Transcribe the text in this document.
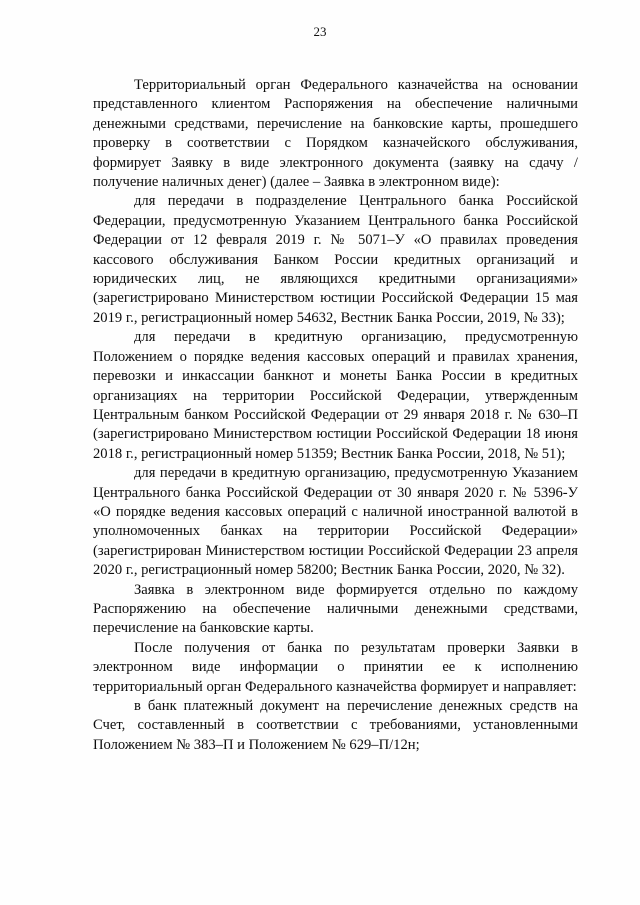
23

Территориальный орган Федерального казначейства на основании представленного клиентом Распоряжения на обеспечение наличными денежными средствами, перечисление на банковские карты, прошедшего проверку в соответствии с Порядком казначейского обслуживания, формирует Заявку в виде электронного документа (заявку на сдачу /получение наличных денег) (далее – Заявка в электронном виде):

для передачи в подразделение Центрального банка Российской Федерации, предусмотренную Указанием Центрального банка Российской Федерации от 12 февраля 2019 г. № 5071–У «О правилах проведения кассового обслуживания Банком России кредитных организаций и юридических лиц, не являющихся кредитными организациями» (зарегистрировано Министерством юстиции Российской Федерации 15 мая 2019 г., регистрационный номер 54632, Вестник Банка России, 2019, № 33);

для передачи в кредитную организацию, предусмотренную Положением о порядке ведения кассовых операций и правилах хранения, перевозки и инкассации банкнот и монеты Банка России в кредитных организациях на территории Российской Федерации, утвержденным Центральным банком Российской Федерации от 29 января 2018 г. № 630–П (зарегистрировано Министерством юстиции Российской Федерации 18 июня 2018 г., регистрационный номер 51359; Вестник Банка России, 2018, № 51);

для передачи в кредитную организацию, предусмотренную Указанием Центрального банка Российской Федерации от 30 января 2020 г. № 5396-У «О порядке ведения кассовых операций с наличной иностранной валютой в уполномоченных банках на территории Российской Федерации» (зарегистрирован Министерством юстиции Российской Федерации 23 апреля 2020 г., регистрационный номер 58200; Вестник Банка России, 2020, № 32).

Заявка в электронном виде формируется отдельно по каждому Распоряжению на обеспечение наличными денежными средствами, перечисление на банковские карты.

После получения от банка по результатам проверки Заявки в электронном виде информации о принятии ее к исполнению территориальный орган Федерального казначейства формирует и направляет:

в банк платежный документ на перечисление денежных средств на Счет, составленный в соответствии с требованиями, установленными Положением № 383–П и Положением № 629–П/12н;
